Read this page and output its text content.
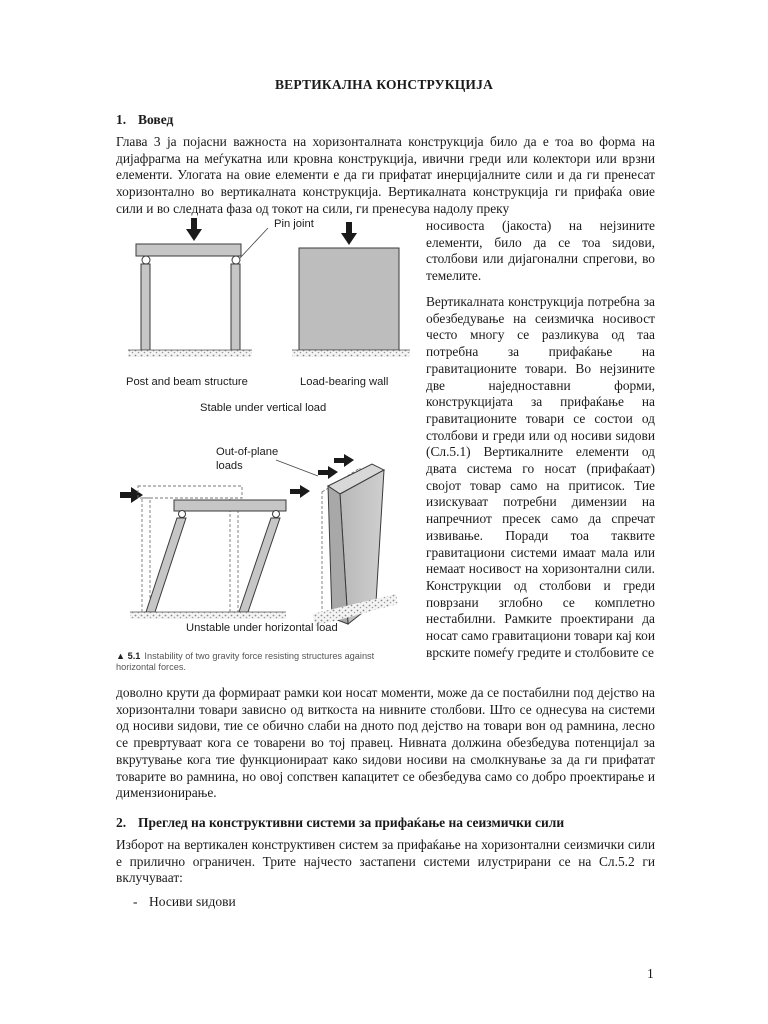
ВЕРТИКАЛНА КОНСТРУКЦИЈА
1. Вовед
Глава 3 ја појасни важноста на хоризонталната конструкција било да е тоа во форма на дијафрагма на меѓукатна или кровна конструкција, ивични греди или колектори или врзни елементи. Улогата на овие елементи е да ги прифатат инерцијалните сили и да ги пренесат хоризонтално во вертикалната конструкција. Вертикалната конструкција ги прифаќа овие сили и во следната фаза од токот на сили, ги пренесува надолу преку
носивоста (јакоста) на нејзините елементи, било да се тоа ѕидови, столбови или дијагонални спрегови, во темелите.
Вертикалната конструкција потребна за обезбедување на сеизмичка носивост често многу се разликува од таа потребна за прифаќање на гравитационите товари. Во нејзините две наједноставни форми, конструкцијата за прифаќање на гравитационите товари се состои од столбови и греди или од носиви ѕидови (Сл.5.1) Вертикалните елементи од двата система го носат (прифаќаат) својот товар само на притисок. Тие изискуваат потребни димензии на напречниот пресек само да спречат извивање. Поради тоа таквите гравитациони системи имаат мала или немаат носивост на хоризонтални сили. Конструкции од столбови и греди поврзани зглобно се комплетно нестабилни. Рамките проектирани да носат само гравитациони товари кај кои врските помеѓу гредите и столбовите се
доволно крути да формираат рамки кои носат моменти, може да се постабилни под дејство на хоризонтални товари зависно од виткоста на нивните столбови. Што се однесува на системи од носиви ѕидови, тие се обично слаби на дното под дејство на товари вон од рамнина, лесно се превртуваат кога се товарени во тој правец. Нивната должина обезбедува потенцијал за вкрутување кога тие функционираат како ѕидови носиви на смолкнување за да ги прифатат товарите во рамнина, но овој сопствен капацитет се обезбедува само со добро проектирање и димензионирање.
2. Преглед на конструктивни системи за прифаќање на сеизмички сили
Изборот на вертикален конструктивен систем за прифаќање на хоризонтални сеизмички сили е прилично ограничен. Трите најчесто застапени системи илустрирани се на Сл.5.2 ги вклучуваат:
- Носиви ѕидови
1
Pin joint
Post and beam structure	Load-bearing wall
Stable under vertical load
Out-of-plane
loads
Unstable under horizontal load
▲ 5.1 Instability of two gravity force resisting structures against horizontal forces.
